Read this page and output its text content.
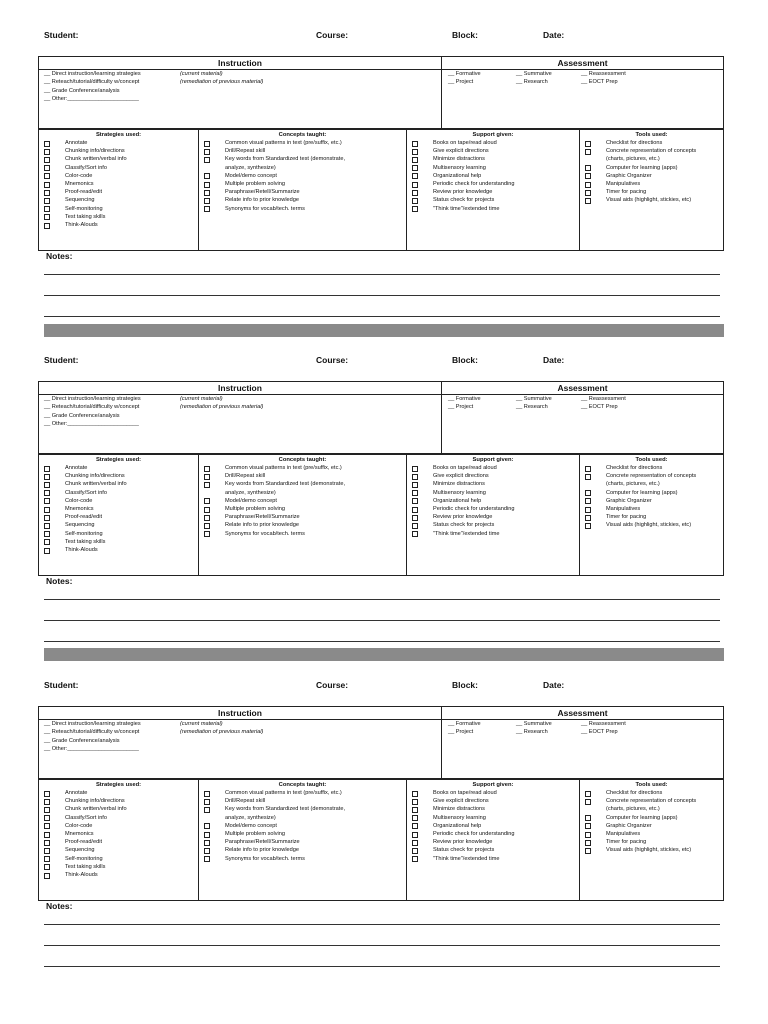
Student:	Course:	Block:	Date:
Instruction
__ Direct instruction/learning strategies	(current material)
__ Reteach/tutorial/difficulty w/concept	(remediation of previous material)
__ Grade Conference/analysis
__ Other:_______________________
Assessment
__ Formative	__ Summative	__ Reassessment
__ Project	__ Research	__ EOCT Prep
Strategies used:
Annotate
Chunking info/directions
Chunk written/verbal info
Classify/Sort info
Color-code
Mnemonics
Proof-read/edit
Sequencing
Self-monitoring
Test taking skills
Think-Alouds
Concepts taught:
Common visual patterns in text (pre/suffix, etc.)
Drill/Repeat skill
Key words from Standardized test (demonstrate,
analyze, synthesize)
Model/demo concept
Multiple problem solving
Paraphrase/Retell/Summarize
Relate info to prior knowledge
Synonyms for vocab/tech. terms
Support given:
Books on tape/read aloud
Give explicit directions
Minimize distractions
Multisensory learning
Organizational help
Periodic check for understanding
Review prior knowledge
Status check for projects
"Think time"/extended time
Tools used:
Checklist for directions
Concrete representation of concepts
(charts, pictures, etc.)
Computer for learning (apps)
Graphic Organizer
Manipulatives
Timer for pacing
Visual aids (highlight, stickies, etc)
Notes:
Student:	Course:	Block:	Date:
Instruction
__ Direct instruction/learning strategies	(current material)
__ Reteach/tutorial/difficulty w/concept	(remediation of previous material)
__ Grade Conference/analysis
__ Other:_______________________
Assessment
__ Formative	__ Summative	__ Reassessment
__ Project	__ Research	__ EOCT Prep
Strategies used:
Annotate
Chunking info/directions
Chunk written/verbal info
Classify/Sort info
Color-code
Mnemonics
Proof-read/edit
Sequencing
Self-monitoring
Test taking skills
Think-Alouds
Concepts taught:
Common visual patterns in text (pre/suffix, etc.)
Drill/Repeat skill
Key words from Standardized test (demonstrate,
analyze, synthesize)
Model/demo concept
Multiple problem solving
Paraphrase/Retell/Summarize
Relate info to prior knowledge
Synonyms for vocab/tech. terms
Support given:
Books on tape/read aloud
Give explicit directions
Minimize distractions
Multisensory learning
Organizational help
Periodic check for understanding
Review prior knowledge
Status check for projects
"Think time"/extended time
Tools used:
Checklist for directions
Concrete representation of concepts
(charts, pictures, etc.)
Computer for learning (apps)
Graphic Organizer
Manipulatives
Timer for pacing
Visual aids (highlight, stickies, etc)
Notes:
Student:	Course:	Block:	Date:
Instruction
__ Direct instruction/learning strategies	(current material)
__ Reteach/tutorial/difficulty w/concept	(remediation of previous material)
__ Grade Conference/analysis
__ Other:_______________________
Assessment
__ Formative	__ Summative	__ Reassessment
__ Project	__ Research	__ EOCT Prep
Strategies used:
Annotate
Chunking info/directions
Chunk written/verbal info
Classify/Sort info
Color-code
Mnemonics
Proof-read/edit
Sequencing
Self-monitoring
Test taking skills
Think-Alouds
Concepts taught:
Common visual patterns in text (pre/suffix, etc.)
Drill/Repeat skill
Key words from Standardized test (demonstrate,
analyze, synthesize)
Model/demo concept
Multiple problem solving
Paraphrase/Retell/Summarize
Relate info to prior knowledge
Synonyms for vocab/tech. terms
Support given:
Books on tape/read aloud
Give explicit directions
Minimize distractions
Multisensory learning
Organizational help
Periodic check for understanding
Review prior knowledge
Status check for projects
"Think time"/extended time
Tools used:
Checklist for directions
Concrete representation of concepts
(charts, pictures, etc.)
Computer for learning (apps)
Graphic Organizer
Manipulatives
Timer for pacing
Visual aids (highlight, stickies, etc)
Notes:
